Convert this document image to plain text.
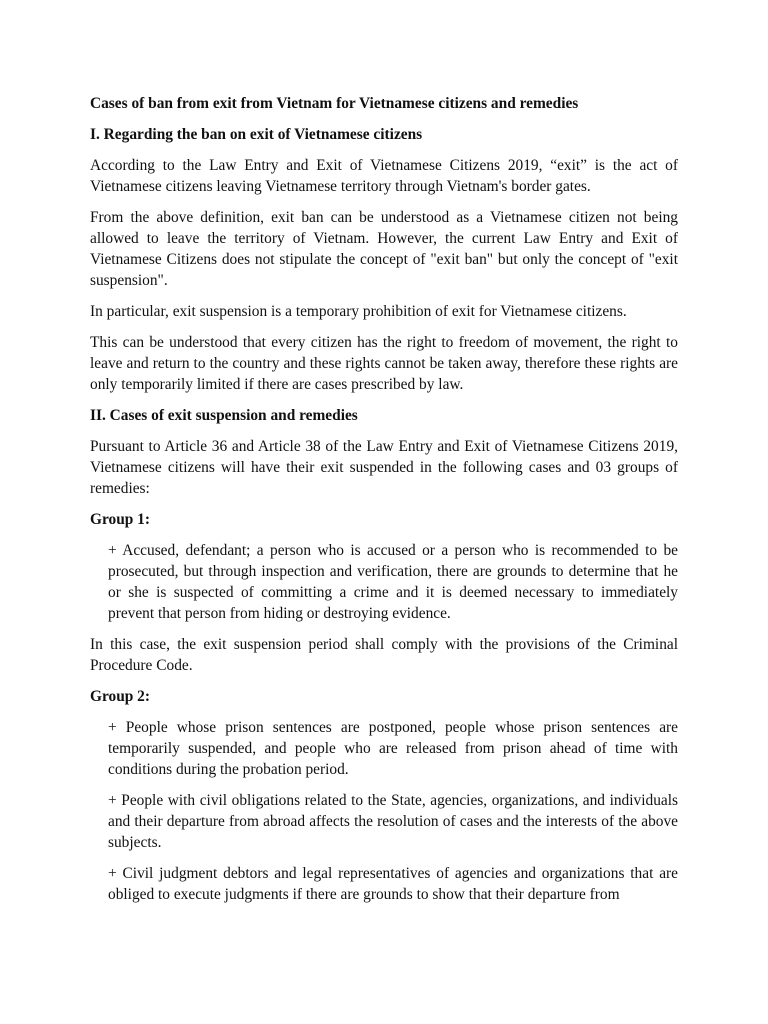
Cases of ban from exit from Vietnam for Vietnamese citizens and remedies

I. Regarding the ban on exit of Vietnamese citizens

According to the Law Entry and Exit of Vietnamese Citizens 2019, “exit” is the act of Vietnamese citizens leaving Vietnamese territory through Vietnam's border gates.

From the above definition, exit ban can be understood as a Vietnamese citizen not being allowed to leave the territory of Vietnam. However, the current Law Entry and Exit of Vietnamese Citizens does not stipulate the concept of "exit ban" but only the concept of "exit suspension".

In particular, exit suspension is a temporary prohibition of exit for Vietnamese citizens.

This can be understood that every citizen has the right to freedom of movement, the right to leave and return to the country and these rights cannot be taken away, therefore these rights are only temporarily limited if there are cases prescribed by law.

II. Cases of exit suspension and remedies

Pursuant to Article 36 and Article 38 of the Law Entry and Exit of Vietnamese Citizens 2019, Vietnamese citizens will have their exit suspended in the following cases and 03 groups of remedies:

Group 1:

+ Accused, defendant; a person who is accused or a person who is recommended to be prosecuted, but through inspection and verification, there are grounds to determine that he or she is suspected of committing a crime and it is deemed necessary to immediately prevent that person from hiding or destroying evidence.

In this case, the exit suspension period shall comply with the provisions of the Criminal Procedure Code.

Group 2:

+ People whose prison sentences are postponed, people whose prison sentences are temporarily suspended, and people who are released from prison ahead of time with conditions during the probation period.

+ People with civil obligations related to the State, agencies, organizations, and individuals and their departure from abroad affects the resolution of cases and the interests of the above subjects.

+ Civil judgment debtors and legal representatives of agencies and organizations that are obliged to execute judgments if there are grounds to show that their departure from
